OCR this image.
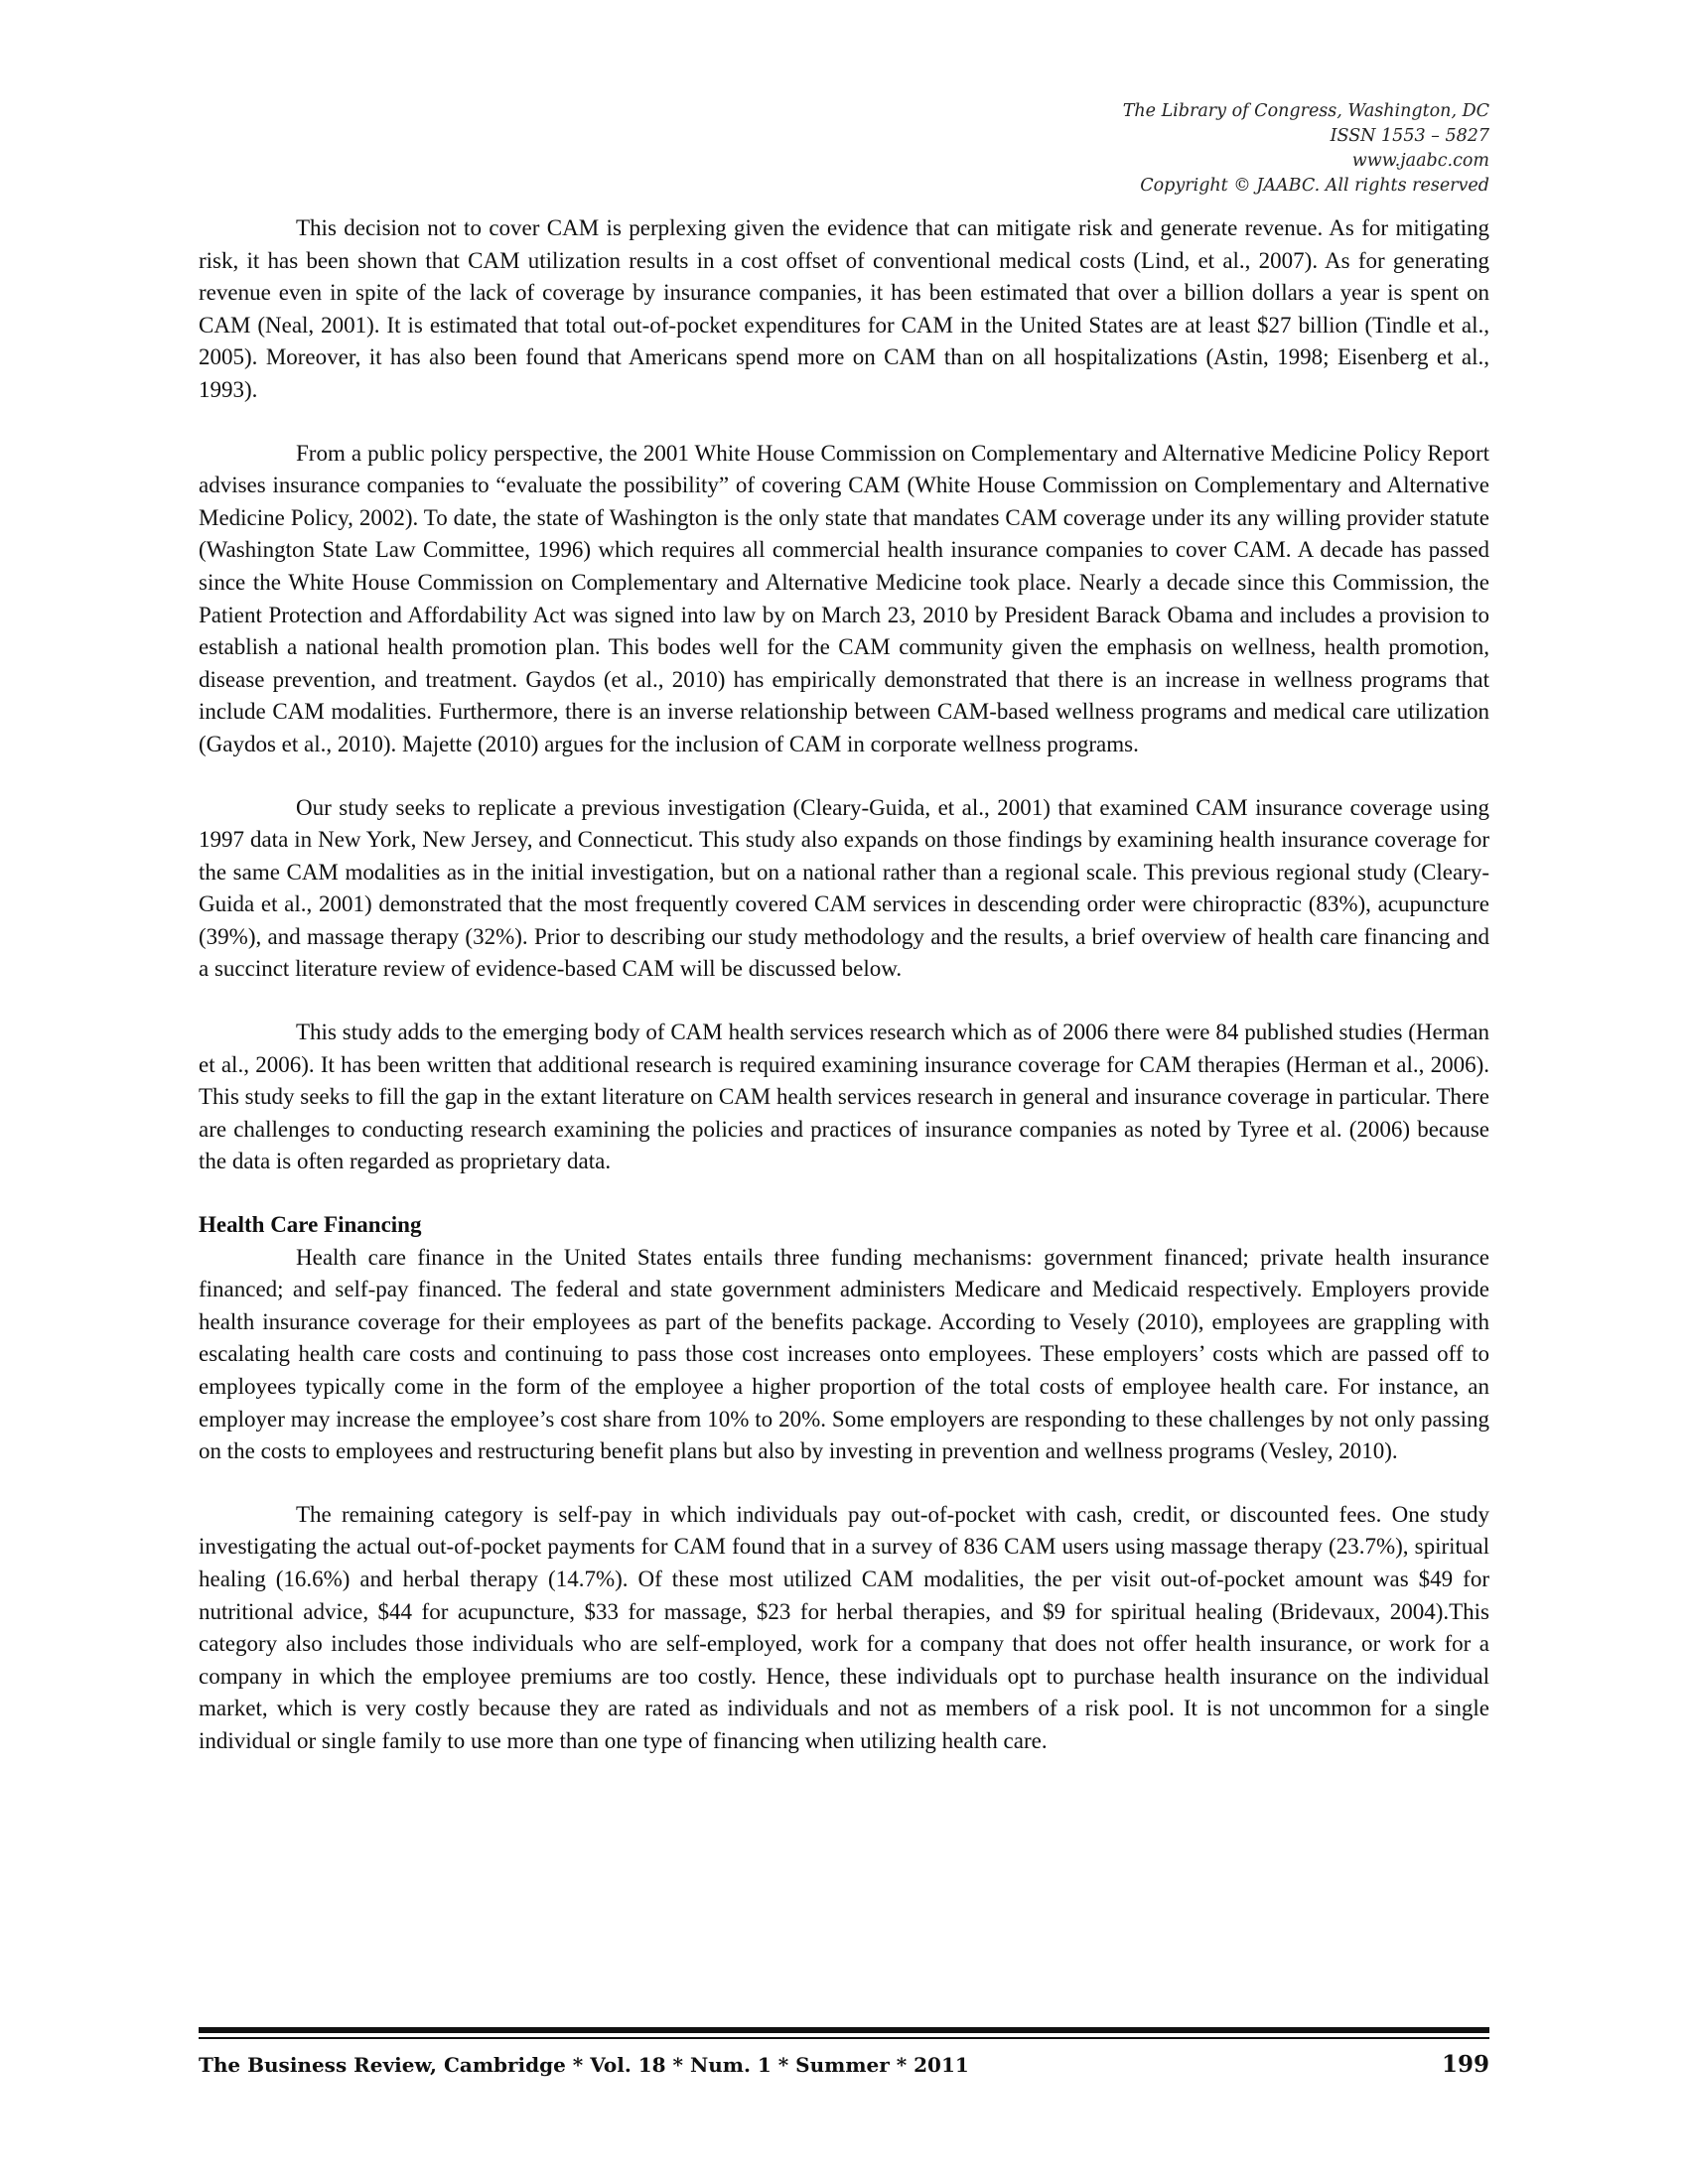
The Library of Congress, Washington, DC
ISSN 1553 – 5827
www.jaabc.com
Copyright © JAABC. All rights reserved

This decision not to cover CAM is perplexing given the evidence that can mitigate risk and generate revenue. As for mitigating risk, it has been shown that CAM utilization results in a cost offset of conventional medical costs (Lind, et al., 2007). As for generating revenue even in spite of the lack of coverage by insurance companies, it has been estimated that over a billion dollars a year is spent on CAM (Neal, 2001). It is estimated that total out-of-pocket expenditures for CAM in the United States are at least $27 billion (Tindle et al., 2005). Moreover, it has also been found that Americans spend more on CAM than on all hospitalizations (Astin, 1998; Eisenberg et al., 1993).

From a public policy perspective, the 2001 White House Commission on Complementary and Alternative Medicine Policy Report advises insurance companies to “evaluate the possibility” of covering CAM (White House Commission on Complementary and Alternative Medicine Policy, 2002). To date, the state of Washington is the only state that mandates CAM coverage under its any willing provider statute (Washington State Law Committee, 1996) which requires all commercial health insurance companies to cover CAM. A decade has passed since the White House Commission on Complementary and Alternative Medicine took place. Nearly a decade since this Commission, the Patient Protection and Affordability Act was signed into law by on March 23, 2010 by President Barack Obama and includes a provision to establish a national health promotion plan. This bodes well for the CAM community given the emphasis on wellness, health promotion, disease prevention, and treatment. Gaydos (et al., 2010) has empirically demonstrated that there is an increase in wellness programs that include CAM modalities. Furthermore, there is an inverse relationship between CAM-based wellness programs and medical care utilization (Gaydos et al., 2010). Majette (2010) argues for the inclusion of CAM in corporate wellness programs.

Our study seeks to replicate a previous investigation (Cleary-Guida, et al., 2001) that examined CAM insurance coverage using 1997 data in New York, New Jersey, and Connecticut. This study also expands on those findings by examining health insurance coverage for the same CAM modalities as in the initial investigation, but on a national rather than a regional scale. This previous regional study (Cleary-Guida et al., 2001) demonstrated that the most frequently covered CAM services in descending order were chiropractic (83%), acupuncture (39%), and massage therapy (32%). Prior to describing our study methodology and the results, a brief overview of health care financing and a succinct literature review of evidence-based CAM will be discussed below.

This study adds to the emerging body of CAM health services research which as of 2006 there were 84 published studies (Herman et al., 2006). It has been written that additional research is required examining insurance coverage for CAM therapies (Herman et al., 2006). This study seeks to fill the gap in the extant literature on CAM health services research in general and insurance coverage in particular. There are challenges to conducting research examining the policies and practices of insurance companies as noted by Tyree et al. (2006) because the data is often regarded as proprietary data.

Health Care Financing

Health care finance in the United States entails three funding mechanisms: government financed; private health insurance financed; and self-pay financed. The federal and state government administers Medicare and Medicaid respectively. Employers provide health insurance coverage for their employees as part of the benefits package. According to Vesely (2010), employees are grappling with escalating health care costs and continuing to pass those cost increases onto employees. These employers’ costs which are passed off to employees typically come in the form of the employee a higher proportion of the total costs of employee health care. For instance, an employer may increase the employee’s cost share from 10% to 20%. Some employers are responding to these challenges by not only passing on the costs to employees and restructuring benefit plans but also by investing in prevention and wellness programs (Vesley, 2010).

The remaining category is self-pay in which individuals pay out-of-pocket with cash, credit, or discounted fees. One study investigating the actual out-of-pocket payments for CAM found that in a survey of 836 CAM users using massage therapy (23.7%), spiritual healing (16.6%) and herbal therapy (14.7%). Of these most utilized CAM modalities, the per visit out-of-pocket amount was $49 for nutritional advice, $44 for acupuncture, $33 for massage, $23 for herbal therapies, and $9 for spiritual healing (Bridevaux, 2004).This category also includes those individuals who are self-employed, work for a company that does not offer health insurance, or work for a company in which the employee premiums are too costly. Hence, these individuals opt to purchase health insurance on the individual market, which is very costly because they are rated as individuals and not as members of a risk pool. It is not uncommon for a single individual or single family to use more than one type of financing when utilizing health care.

The Business Review, Cambridge * Vol. 18 * Num. 1 * Summer * 2011	199
